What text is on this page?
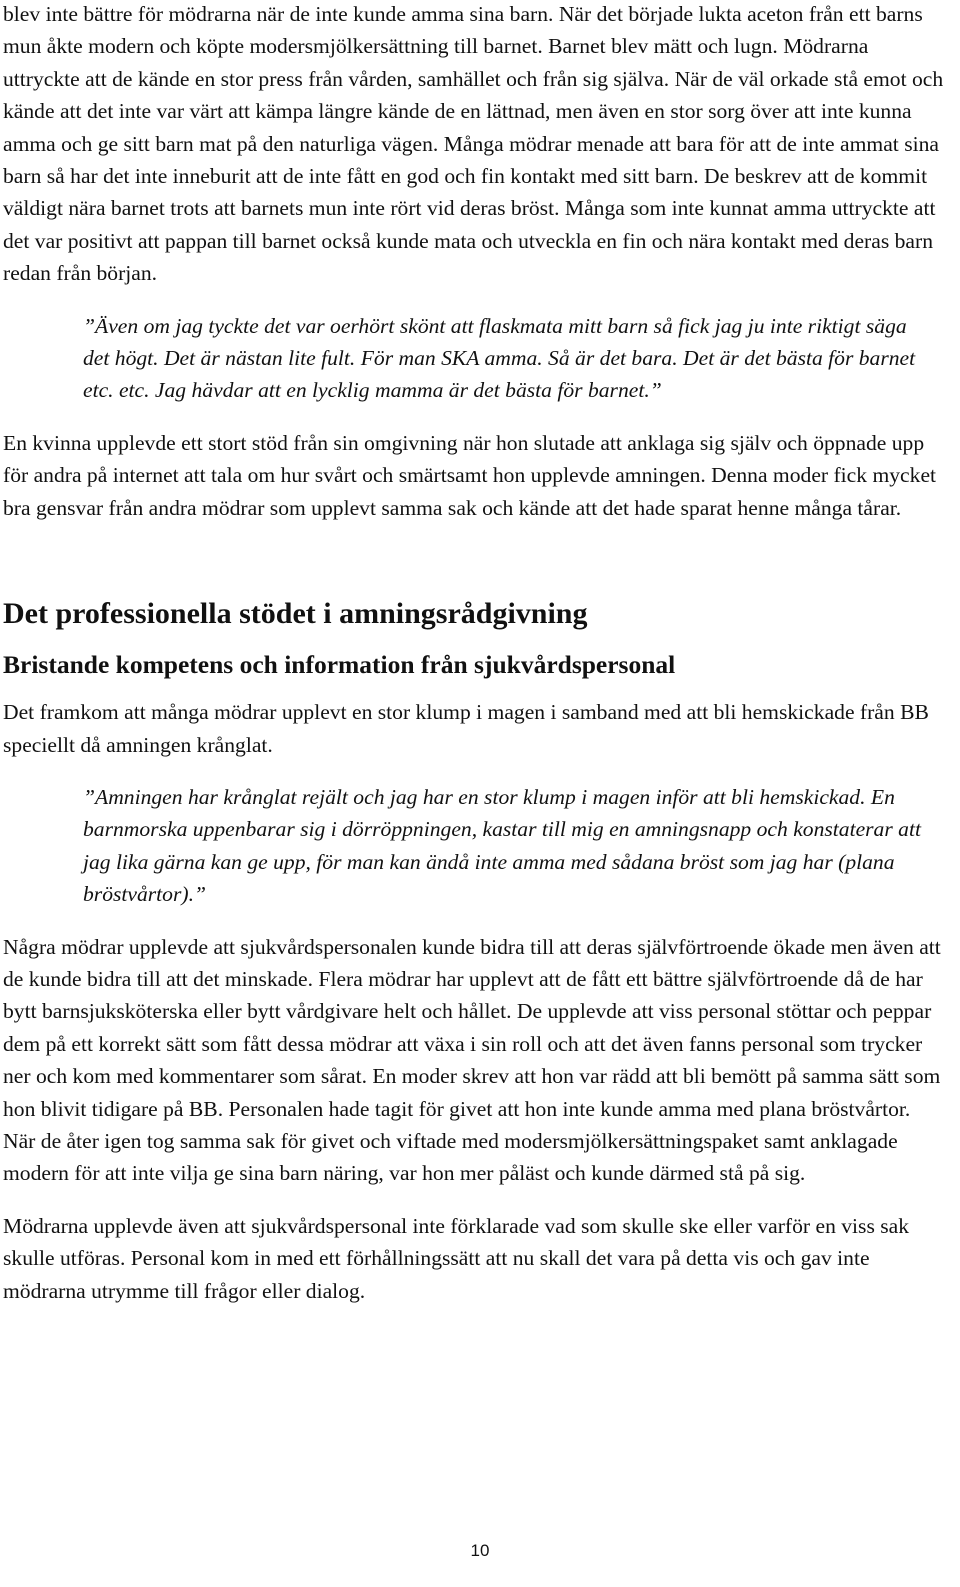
blev inte bättre för mödrarna när de inte kunde amma sina barn. När det började lukta aceton från ett barns mun åkte modern och köpte modersmjölkersättning till barnet. Barnet blev mätt och lugn. Mödrarna uttryckte att de kände en stor press från vården, samhället och från sig själva. När de väl orkade stå emot och kände att det inte var värt att kämpa längre kände de en lättnad, men även en stor sorg över att inte kunna amma och ge sitt barn mat på den naturliga vägen. Många mödrar menade att bara för att de inte ammat sina barn så har det inte inneburit att de inte fått en god och fin kontakt med sitt barn. De beskrev att de kommit väldigt nära barnet trots att barnets mun inte rört vid deras bröst. Många som inte kunnat amma uttryckte att det var positivt att pappan till barnet också kunde mata och utveckla en fin och nära kontakt med deras barn redan från början.

”Även om jag tyckte det var oerhört skönt att flaskmata mitt barn så fick jag ju inte riktigt säga det högt. Det är nästan lite fult. För man SKA amma. Så är det bara. Det är det bästa för barnet etc. etc. Jag hävdar att en lycklig mamma är det bästa för barnet.”

En kvinna upplevde ett stort stöd från sin omgivning när hon slutade att anklaga sig själv och öppnade upp för andra på internet att tala om hur svårt och smärtsamt hon upplevde amningen. Denna moder fick mycket bra gensvar från andra mödrar som upplevt samma sak och kände att det hade sparat henne många tårar.

Det professionella stödet i amningsrådgivning
Bristande kompetens och information från sjukvårdspersonal

Det framkom att många mödrar upplevt en stor klump i magen i samband med att bli hemskickade från BB speciellt då amningen krånglat.

”Amningen har krånglat rejält och jag har en stor klump i magen inför att bli hemskickad. En barnmorska uppenbarar sig i dörröppningen, kastar till mig en amningsnapp och konstaterar att jag lika gärna kan ge upp, för man kan ändå inte amma med sådana bröst som jag har (plana bröstvårtor).”

Några mödrar upplevde att sjukvårdspersonalen kunde bidra till att deras självförtroende ökade men även att de kunde bidra till att det minskade. Flera mödrar har upplevt att de fått ett bättre självförtroende då de har bytt barnsjuksköterska eller bytt vårdgivare helt och hållet. De upplevde att viss personal stöttar och peppar dem på ett korrekt sätt som fått dessa mödrar att växa i sin roll och att det även fanns personal som trycker ner och kom med kommentarer som sårat. En moder skrev att hon var rädd att bli bemött på samma sätt som hon blivit tidigare på BB. Personalen hade tagit för givet att hon inte kunde amma med plana bröstvårtor. När de åter igen tog samma sak för givet och viftade med modersmjölkersättningspaket samt anklagade modern för att inte vilja ge sina barn näring, var hon mer påläst och kunde därmed stå på sig.

Mödrarna upplevde även att sjukvårdspersonal inte förklarade vad som skulle ske eller varför en viss sak skulle utföras. Personal kom in med ett förhållningssätt att nu skall det vara på detta vis och gav inte mödrarna utrymme till frågor eller dialog.

10
